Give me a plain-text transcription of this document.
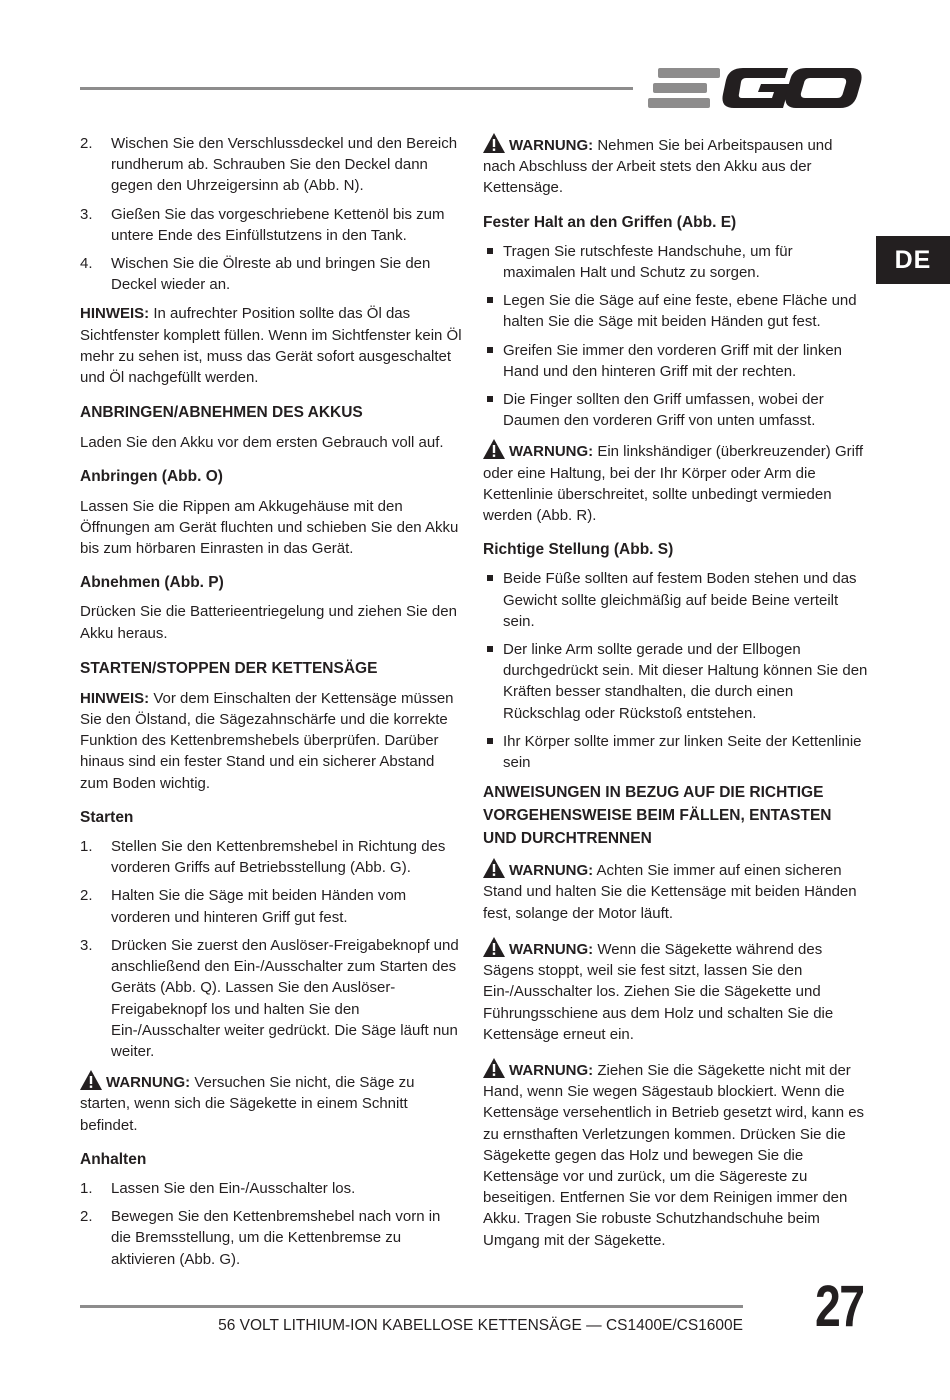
DE
2. Wischen Sie den Verschlussdeckel und den Bereich rundherum ab. Schrauben Sie den Deckel dann gegen den Uhrzeigersinn ab (Abb. N).
3. Gießen Sie das vorgeschriebene Kettenöl bis zum untere Ende des Einfüllstutzens in den Tank.
4. Wischen Sie die Ölreste ab und bringen Sie den Deckel wieder an.

HINWEIS: In aufrechter Position sollte das Öl das Sichtfenster komplett füllen. Wenn im Sichtfenster kein Öl mehr zu sehen ist, muss das Gerät sofort ausgeschaltet und Öl nachgefüllt werden.

ANBRINGEN/ABNEHMEN DES AKKUS

Laden Sie den Akku vor dem ersten Gebrauch voll auf.

Anbringen (Abb. O)

Lassen Sie die Rippen am Akkugehäuse mit den Öffnungen am Gerät fluchten und schieben Sie den Akku bis zum hörbaren Einrasten in das Gerät.

Abnehmen (Abb. P)

Drücken Sie die Batterieentriegelung und ziehen Sie den Akku heraus.

STARTEN/STOPPEN DER KETTENSÄGE

HINWEIS: Vor dem Einschalten der Kettensäge müssen Sie den Ölstand, die Sägezahnschärfe und die korrekte Funktion des Kettenbremshebels überprüfen. Darüber hinaus sind ein fester Stand und ein sicherer Abstand zum Boden wichtig.

Starten
1. Stellen Sie den Kettenbremshebel in Richtung des vorderen Griffs auf Betriebsstellung (Abb. G).
2. Halten Sie die Säge mit beiden Händen vom vorderen und hinteren Griff gut fest.
3. Drücken Sie zuerst den Auslöser-Freigabeknopf und anschließend den Ein-/Ausschalter zum Starten des Geräts (Abb. Q). Lassen Sie den Auslöser-Freigabeknopf los und halten Sie den Ein-/Ausschalter weiter gedrückt. Die Säge läuft nun weiter.

WARNUNG: Versuchen Sie nicht, die Säge zu starten, wenn sich die Sägekette in einem Schnitt befindet.

Anhalten
1. Lassen Sie den Ein-/Ausschalter los.
2. Bewegen Sie den Kettenbremshebel nach vorn in die Bremsstellung, um die Kettenbremse zu aktivieren (Abb. G).

WARNUNG: Nehmen Sie bei Arbeitspausen und nach Abschluss der Arbeit stets den Akku aus der Kettensäge.

Fester Halt an den Griffen (Abb. E)
Tragen Sie rutschfeste Handschuhe, um für maximalen Halt und Schutz zu sorgen.
Legen Sie die Säge auf eine feste, ebene Fläche und halten Sie die Säge mit beiden Händen gut fest.
Greifen Sie immer den vorderen Griff mit der linken Hand und den hinteren Griff mit der rechten.
Die Finger sollten den Griff umfassen, wobei der Daumen den vorderen Griff von unten umfasst.

WARNUNG: Ein linkshändiger (überkreuzender) Griff oder eine Haltung, bei der Ihr Körper oder Arm die Kettenlinie überschreitet, sollte unbedingt vermieden werden (Abb. R).

Richtige Stellung (Abb. S)
Beide Füße sollten auf festem Boden stehen und das Gewicht sollte gleichmäßig auf beide Beine verteilt sein.
Der linke Arm sollte gerade und der Ellbogen durchgedrückt sein. Mit dieser Haltung können Sie den Kräften besser standhalten, die durch einen Rückschlag oder Rückstoß entstehen.
Ihr Körper sollte immer zur linken Seite der Kettenlinie sein
ANWEISUNGEN IN BEZUG AUF DIE RICHTIGE VORGEHENSWEISE BEIM FÄLLEN, ENTASTEN UND DURCHTRENNEN

WARNUNG: Achten Sie immer auf einen sicheren Stand und halten Sie die Kettensäge mit beiden Händen fest, solange der Motor läuft.

WARNUNG: Wenn die Sägekette während des Sägens stoppt, weil sie fest sitzt, lassen Sie den Ein-/Ausschalter los. Ziehen Sie die Sägekette und Führungsschiene aus dem Holz und schalten Sie die Kettensäge erneut ein.

WARNUNG: Ziehen Sie die Sägekette nicht mit der Hand, wenn Sie wegen Sägestaub blockiert. Wenn die Kettensäge versehentlich in Betrieb gesetzt wird, kann es zu ernsthaften Verletzungen kommen. Drücken Sie die Sägekette gegen das Holz und bewegen Sie die Kettensäge vor und zurück, um die Sägereste zu beseitigen. Entfernen Sie vor dem Reinigen immer den Akku. Tragen Sie robuste Schutzhandschuhe beim Umgang mit der Sägekette.

56 VOLT LITHIUM-ION KABELLOSE KETTENSÄGE — CS1400E/CS1600E 27
